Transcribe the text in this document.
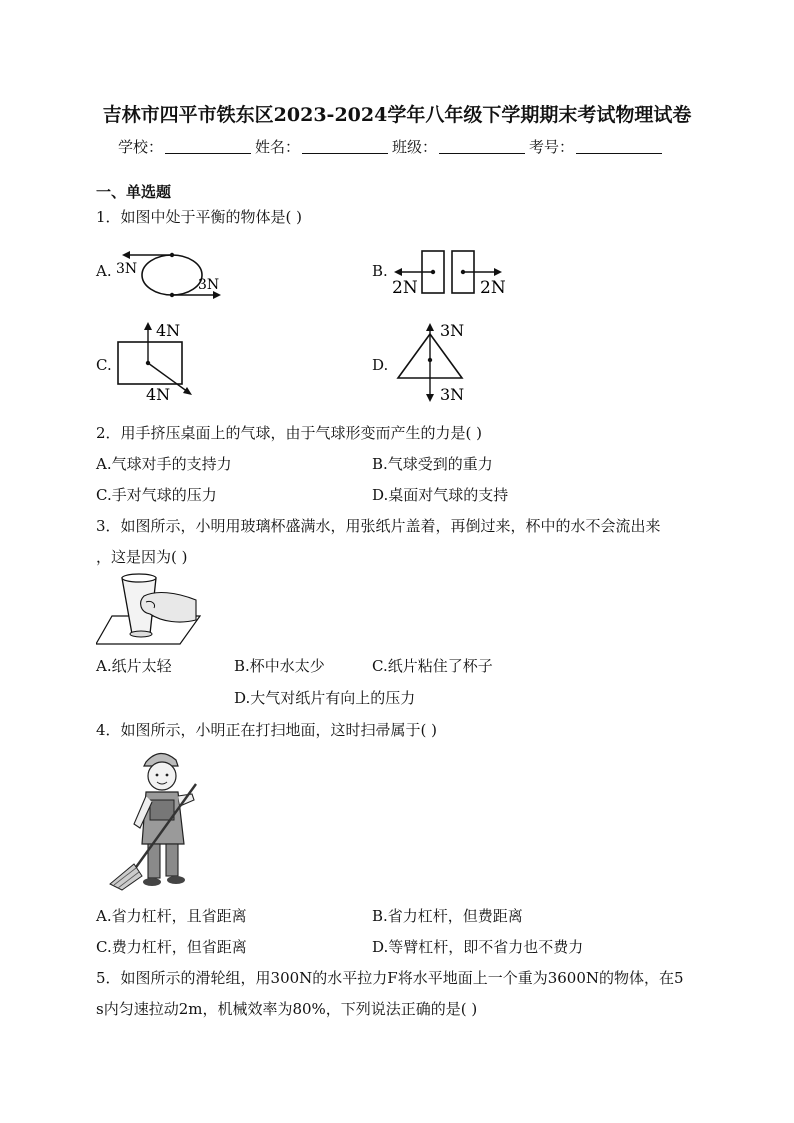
吉林市四平市铁东区2023-2024学年八年级下学期期末考试物理试卷
学校：	姓名：	班级：	考号：
一、单选题
1．如图中处于平衡的物体是( )
A. 3N
3N
B.
2N	2N
C.
4N
4N
D.
3N
3N
2．用手挤压桌面上的气球，由于气球形变而产生的力是( )
A.气球对手的支持力	B.气球受到的重力
C.手对气球的压力	D.桌面对气球的支持
3．如图所示，小明用玻璃杯盛满水，用张纸片盖着，再倒过来，杯中的水不会流出来
，这是因为( )
A.纸片太轻	B.杯中水太少	C.纸片粘住了杯子
D.大气对纸片有向上的压力
4．如图所示，小明正在打扫地面，这时扫帚属于( )
A.省力杠杆，且省距离	B.省力杠杆，但费距离
C.费力杠杆，但省距离	D.等臂杠杆，即不省力也不费力
5．如图所示的滑轮组，用300N的水平拉力F将水平地面上一个重为3600N的物体，在5
s内匀速拉动2m，机械效率为80%，下列说法正确的是( )
